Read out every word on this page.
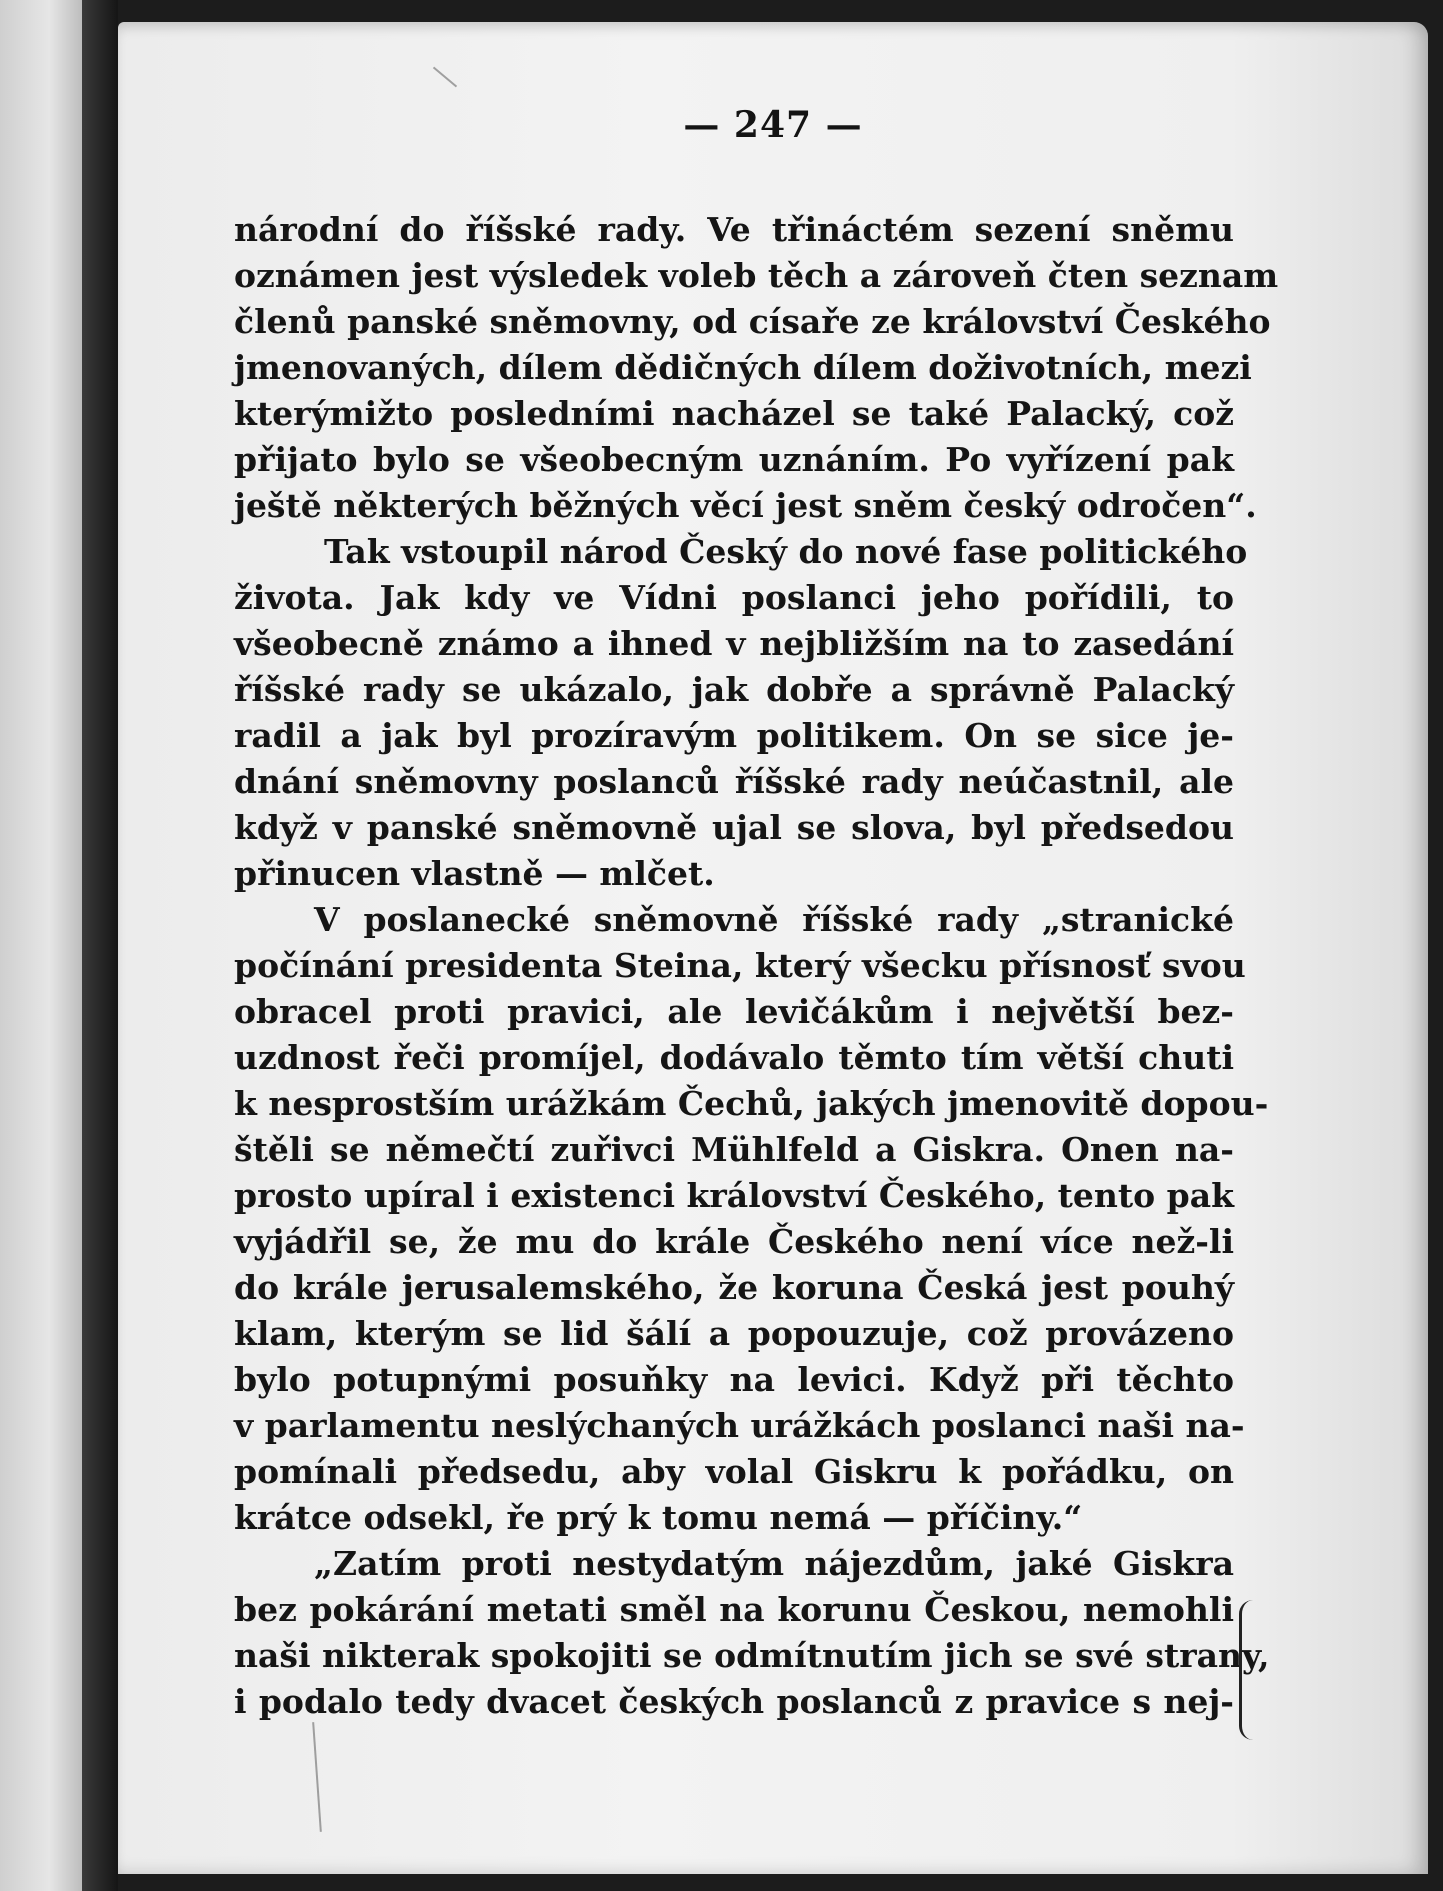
— 247 —
národní do říšské rady. Ve třináctém sezení sněmu
oznámen jest výsledek voleb těch a zároveň čten seznam
členů panské sněmovny, od císaře ze království Českého
jmenovaných, dílem dědičných dílem doživotních, mezi
kterýmižto posledními nacházel se také Palacký, což
přijato bylo se všeobecným uznáním. Po vyřízení pak
ještě některých běžných věcí jest sněm český odročen“.
Tak vstoupil národ Český do nové fase politického
života. Jak kdy ve Vídni poslanci jeho pořídili, to
všeobecně známo a ihned v nejbližším na to zasedání
říšské rady se ukázalo, jak dobře a správně Palacký
radil a jak byl prozíravým politikem. On se sice je-
dnání sněmovny poslanců říšské rady neúčastnil, ale
když v panské sněmovně ujal se slova, byl předsedou
přinucen vlastně — mlčet.
V poslanecké sněmovně říšské rady „stranické
počínání presidenta Steina, který všecku přísnosť svou
obracel proti pravici, ale levičákům i největší bez-
uzdnost řeči promíjel, dodávalo těmto tím větší chuti
k nesprostším urážkám Čechů, jakých jmenovitě dopou-
štěli se němečtí zuřivci Mühlfeld a Giskra. Onen na-
prosto upíral i existenci království Českého, tento pak
vyjádřil se, že mu do krále Českého není více než-li
do krále jerusalemského, že koruna Česká jest pouhý
klam, kterým se lid šálí a popouzuje, což provázeno
bylo potupnými posuňky na levici. Když při těchto
v parlamentu neslýchaných urážkách poslanci naši na-
pomínali předsedu, aby volal Giskru k pořádku, on
krátce odsekl, ře prý k tomu nemá — příčiny.“
„Zatím proti nestydatým nájezdům, jaké Giskra
bez pokárání metati směl na korunu Českou, nemohli
naši nikterak spokojiti se odmítnutím jich se své strany,
i podalo tedy dvacet českých poslanců z pravice s nej-
